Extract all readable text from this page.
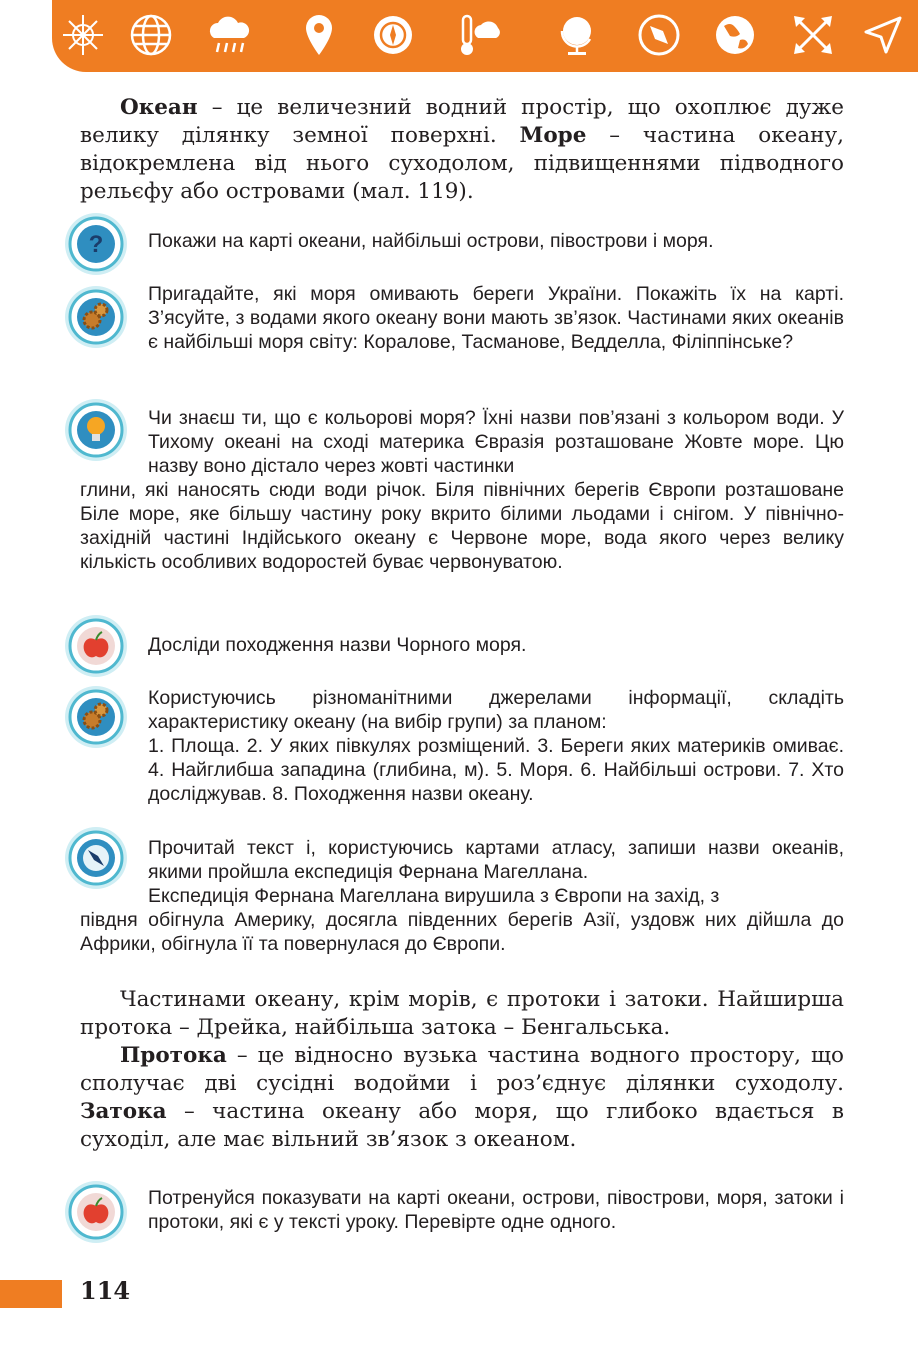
Океан – це величезний водний простір, що охоплює дуже велику ділянку земної поверхні. Море – частина океану, відокремлена від нього суходолом, підвищеннями підводного рельєфу або островами (мал. 119).

? Покажи на карті океани, найбільші острови, півострови і моря.

Пригадайте, які моря омивають береги України. Покажіть їх на карті. З’ясуйте, з водами якого океану вони мають зв’язок. Частинами яких океанів є найбільші моря світу: Коралове, Тасманове, Ведделла, Філіппінське?

Чи знаєш ти, що є кольорові моря? Їхні назви пов’язані з кольором води. У Тихому океані на сході материка Євразія розташоване Жовте море. Цю назву воно дістало через жовті частинки

глини, які наносять сюди води річок. Біля північних берегів Європи розташоване Біле море, яке більшу частину року вкрито білими льодами і снігом. У північно-західній частині Індійського океану є Червоне море, вода якого через велику кількість особливих водоростей буває червонуватою.

Досліди походження назви Чорного моря.

Користуючись різноманітними джерелами інформації, складіть характеристику океану (на вибір групи) за планом:

1. Площа. 2. У яких півкулях розміщений. 3. Береги яких материків омиває. 4. Найглибша западина (глибина, м). 5. Моря. 6. Найбільші острови. 7. Хто досліджував. 8. Походження назви океану.

Прочитай текст і, користуючись картами атласу, запиши назви океанів, якими пройшла експедиція Фернана Магеллана.

Експедиція Фернана Магеллана вирушила з Європи на захід, з

півдня обігнула Америку, досягла південних берегів Азії, уздовж них дійшла до Африки, обігнула її та повернулася до Європи.

Частинами океану, крім морів, є протоки і затоки. Найширша протока – Дрейка, найбільша затока – Бенгальська.

Протока – це відносно вузька частина водного простору, що сполучає дві сусідні водойми і роз’єднує ділянки суходолу. Затока – частина океану або моря, що глибоко вдається в суходіл, але має вільний зв’язок з океаном.

Потренуйся показувати на карті океани, острови, півострови, моря, затоки і протоки, які є у тексті уроку. Перевірте одне одного.

114
